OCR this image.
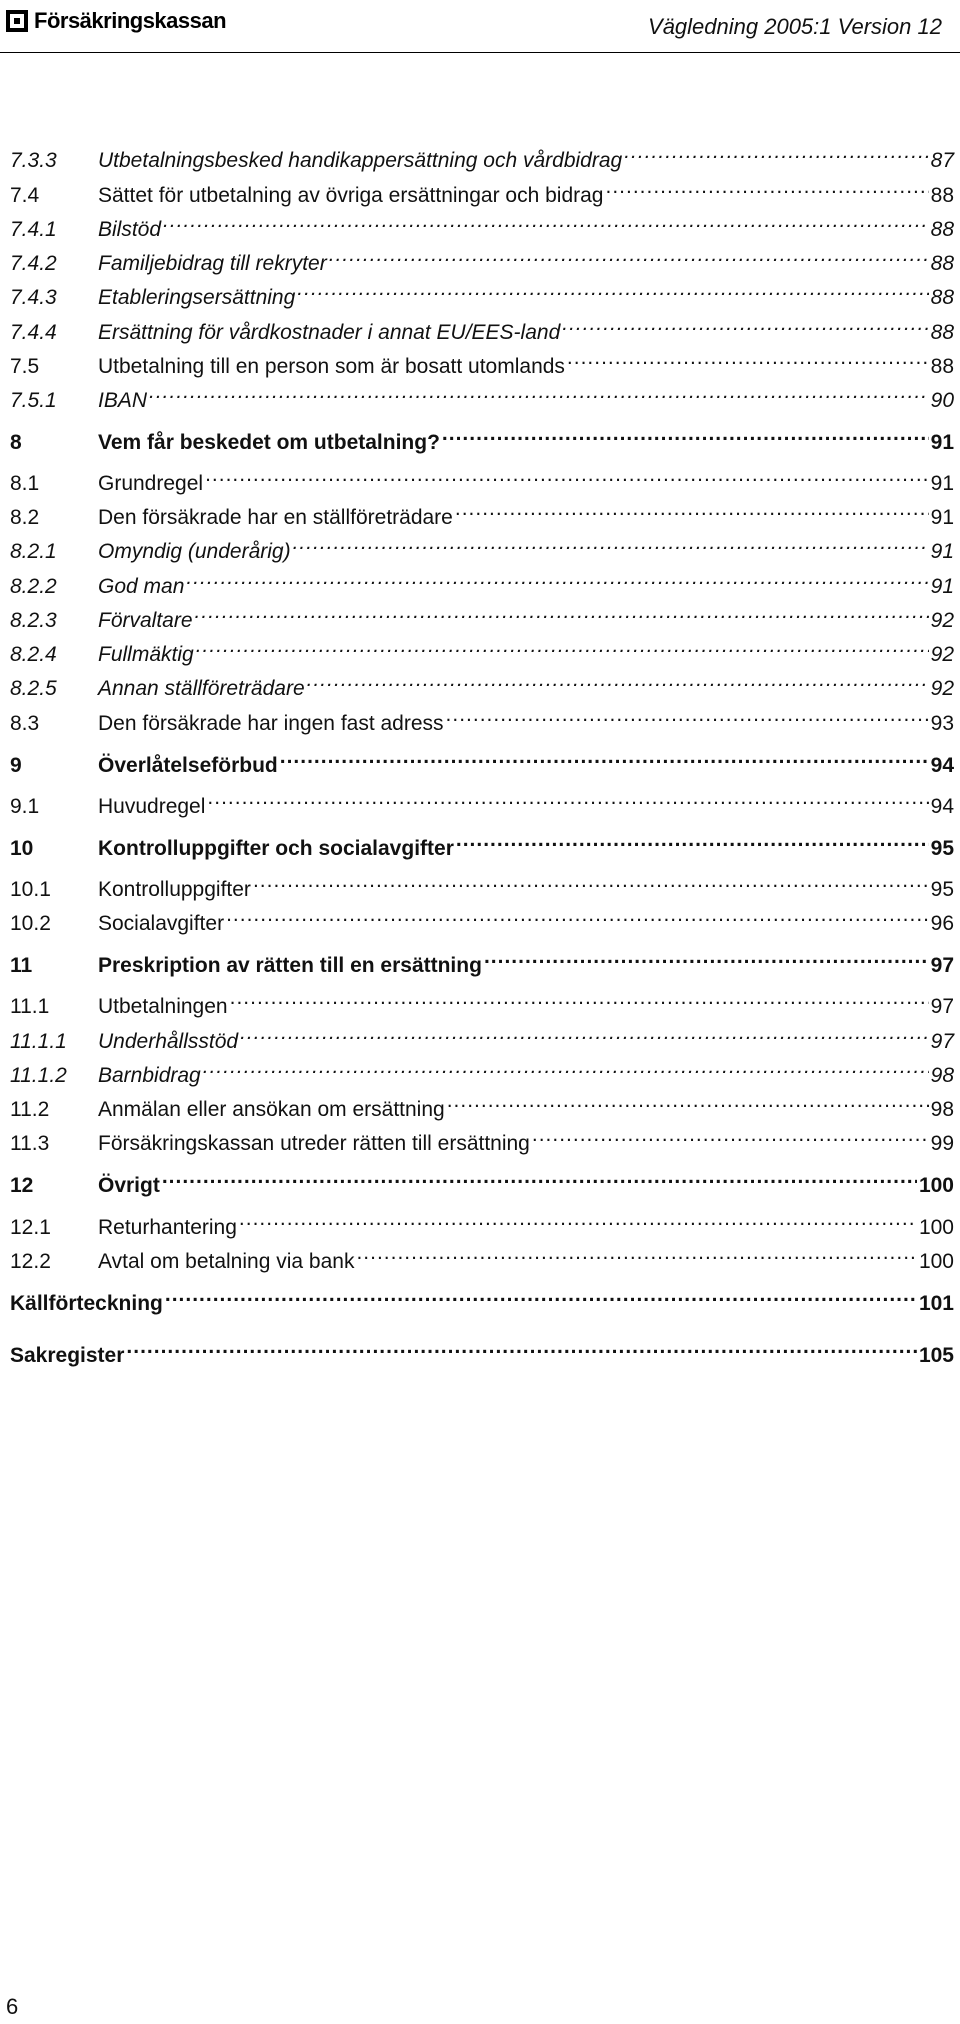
Försäkringskassan	Vägledning 2005:1 Version 12
7.3.3	Utbetalningsbesked handikappersättning och vårdbidrag .....	87
7.4	Sättet för utbetalning av övriga ersättningar och bidrag .....	88
7.4.1	Bilstöd .....	88
7.4.2	Familjebidrag till rekryter .....	88
7.4.3	Etableringsersättning .....	88
7.4.4	Ersättning för vårdkostnader i annat EU/EES-land .....	88
7.5	Utbetalning till en person som är bosatt utomlands .....	88
7.5.1	IBAN .....	90
8	Vem får beskedet om utbetalning? .....	91
8.1	Grundregel .....	91
8.2	Den försäkrade har en ställföreträdare .....	91
8.2.1	Omyndig (underårig) .....	91
8.2.2	God man .....	91
8.2.3	Förvaltare .....	92
8.2.4	Fullmäktig .....	92
8.2.5	Annan ställföreträdare .....	92
8.3	Den försäkrade har ingen fast adress .....	93
9	Överlåtelseförbud .....	94
9.1	Huvudregel .....	94
10	Kontrolluppgifter och socialavgifter .....	95
10.1	Kontrolluppgifter .....	95
10.2	Socialavgifter .....	96
11	Preskription av rätten till en ersättning .....	97
11.1	Utbetalningen .....	97
11.1.1	Underhållsstöd .....	97
11.1.2	Barnbidrag .....	98
11.2	Anmälan eller ansökan om ersättning .....	98
11.3	Försäkringskassan utreder rätten till ersättning .....	99
12	Övrigt .....	100
12.1	Returhantering .....	100
12.2	Avtal om betalning via bank .....	100
Källförteckning .....	101
Sakregister .....	105
6
